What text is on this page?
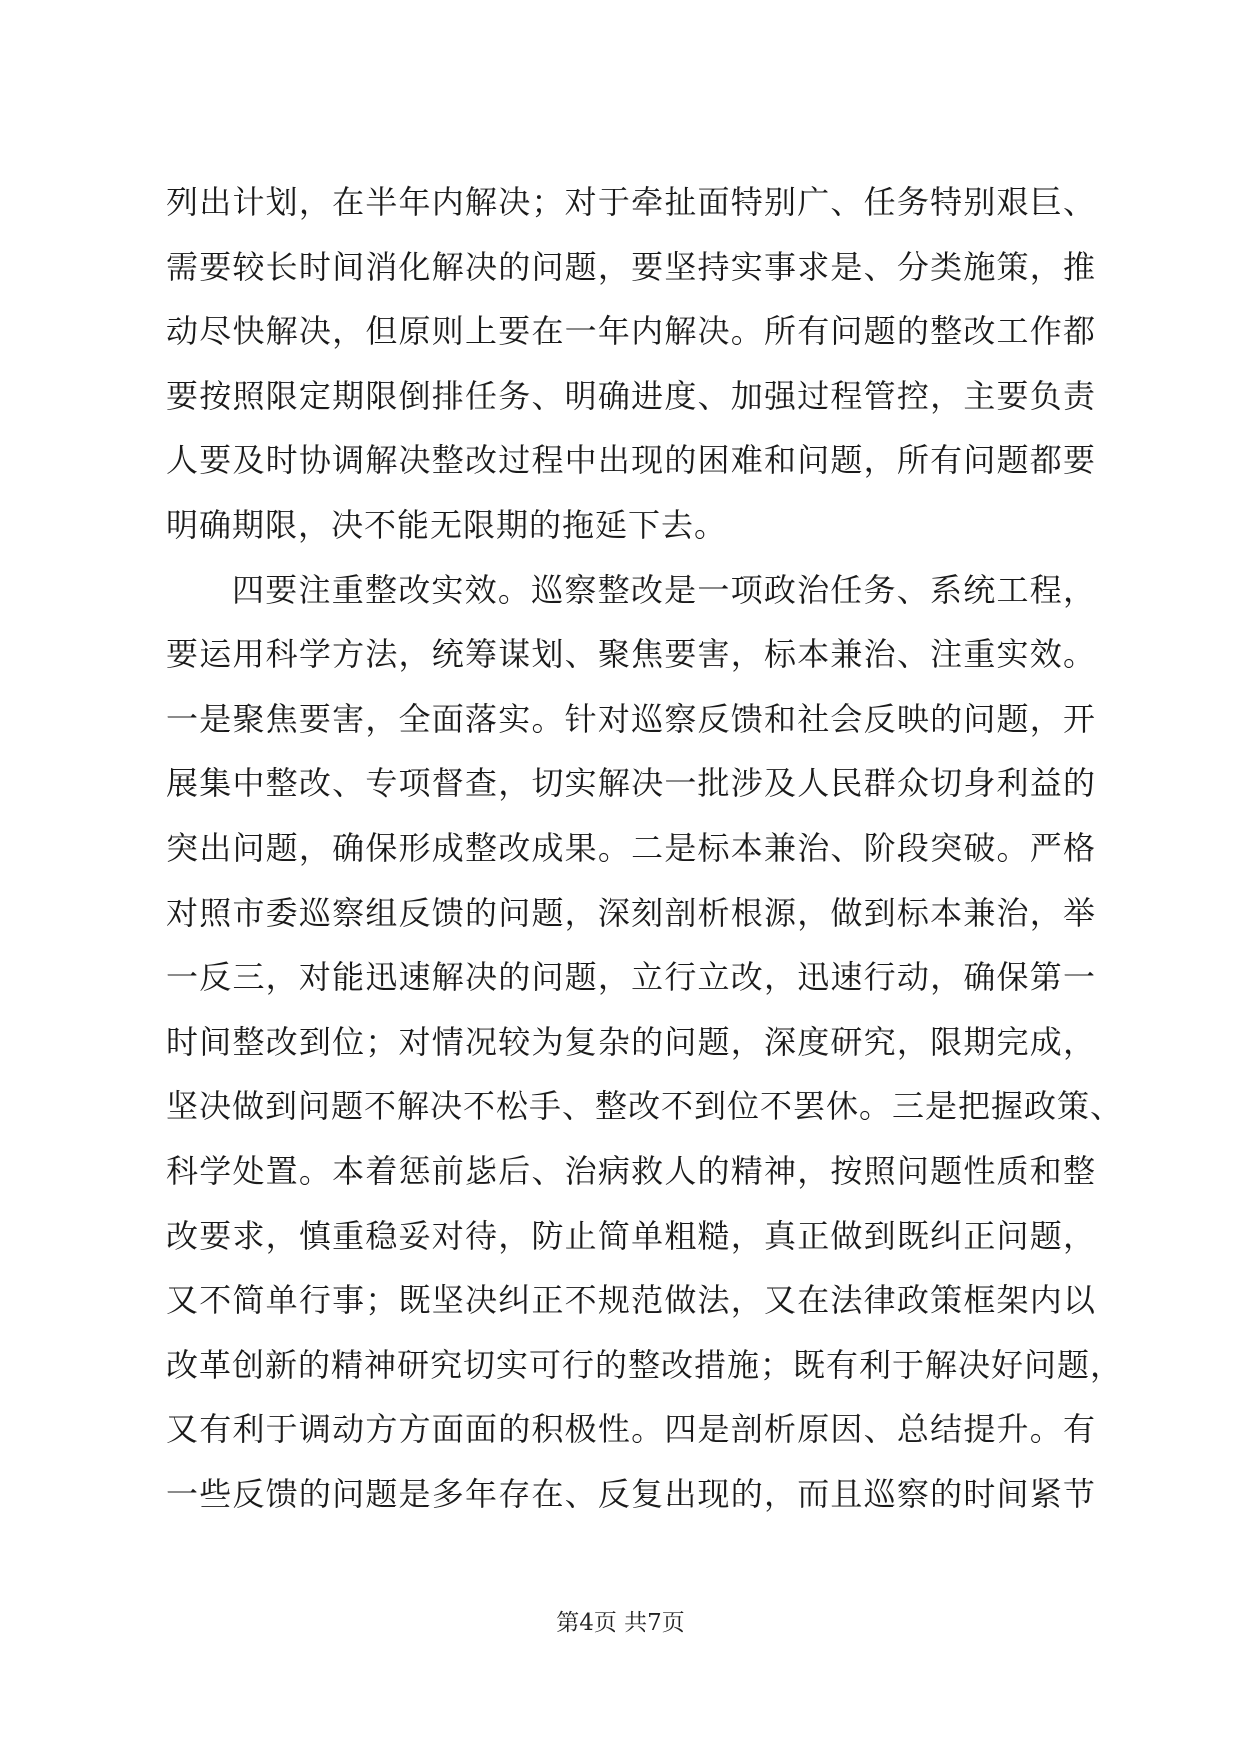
列出计划，在半年内解决；对于牵扯面特别广、任务特别艰巨、
需要较长时间消化解决的问题，要坚持实事求是、分类施策，推
动尽快解决，但原则上要在一年内解决。所有问题的整改工作都
要按照限定期限倒排任务、明确进度、加强过程管控，主要负责
人要及时协调解决整改过程中出现的困难和问题，所有问题都要
明确期限，决不能无限期的拖延下去。
四要注重整改实效。巡察整改是一项政治任务、系统工程，
要运用科学方法，统筹谋划、聚焦要害，标本兼治、注重实效。
一是聚焦要害，全面落实。针对巡察反馈和社会反映的问题，开
展集中整改、专项督查，切实解决一批涉及人民群众切身利益的
突出问题，确保形成整改成果。二是标本兼治、阶段突破。严格
对照市委巡察组反馈的问题，深刻剖析根源，做到标本兼治，举
一反三，对能迅速解决的问题，立行立改，迅速行动，确保第一
时间整改到位；对情况较为复杂的问题，深度研究，限期完成，
坚决做到问题不解决不松手、整改不到位不罢休。三是把握政策、
科学处置。本着惩前毖后、治病救人的精神，按照问题性质和整
改要求，慎重稳妥对待，防止简单粗糙，真正做到既纠正问题，
又不简单行事；既坚决纠正不规范做法，又在法律政策框架内以
改革创新的精神研究切实可行的整改措施；既有利于解决好问题，
又有利于调动方方面面的积极性。四是剖析原因、总结提升。有
一些反馈的问题是多年存在、反复出现的，而且巡察的时间紧节
第4页 共7页
